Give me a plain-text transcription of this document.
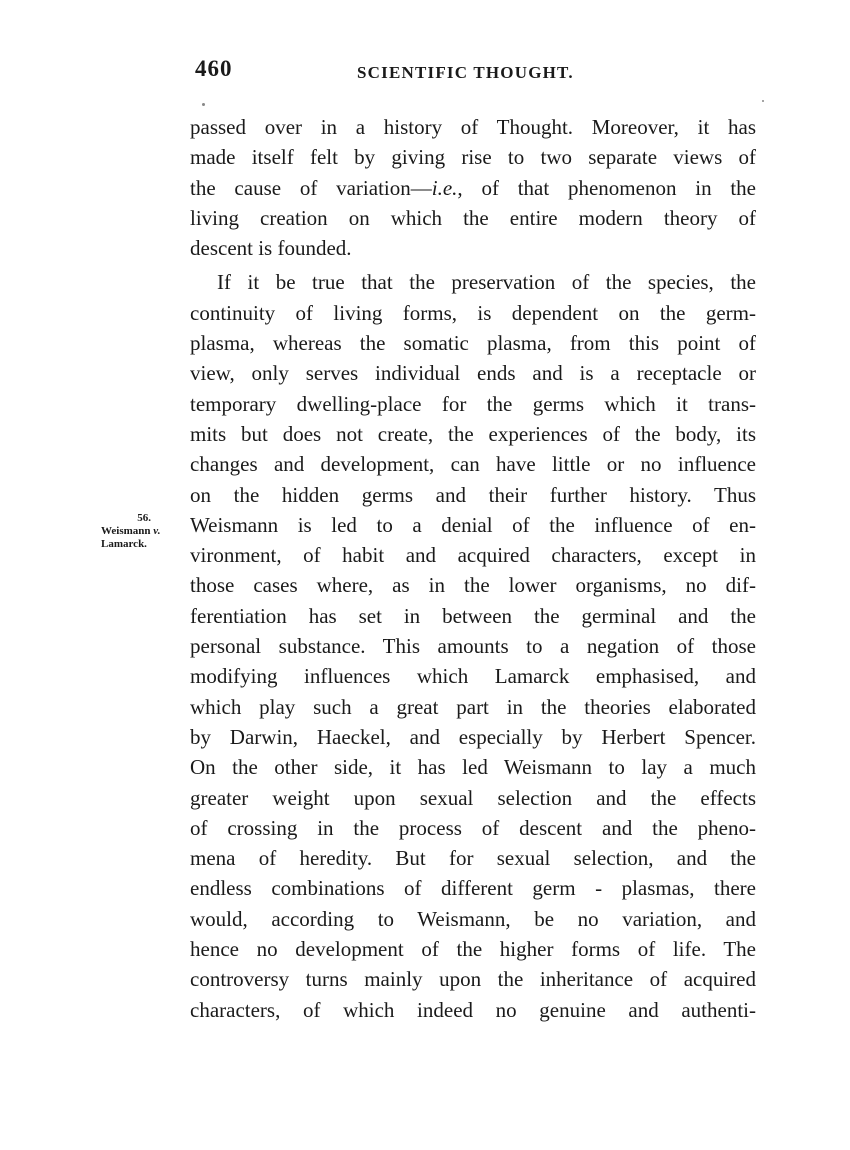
460	SCIENTIFIC THOUGHT.
56.
Weismann v.
Lamarck.
passed over in a history of Thought. Moreover, it has
made itself felt by giving rise to two separate views of
the cause of variation—i.e., of that phenomenon in the
living creation on which the entire modern theory of
descent is founded.
If it be true that the preservation of the species, the
continuity of living forms, is dependent on the germ-
plasma, whereas the somatic plasma, from this point of
view, only serves individual ends and is a receptacle or
temporary dwelling-place for the germs which it trans-
mits but does not create, the experiences of the body, its
changes and development, can have little or no influence
on the hidden germs and their further history. Thus
Weismann is led to a denial of the influence of en-
vironment, of habit and acquired characters, except in
those cases where, as in the lower organisms, no dif-
ferentiation has set in between the germinal and the
personal substance. This amounts to a negation of those
modifying influences which Lamarck emphasised, and
which play such a great part in the theories elaborated
by Darwin, Haeckel, and especially by Herbert Spencer.
On the other side, it has led Weismann to lay a much
greater weight upon sexual selection and the effects
of crossing in the process of descent and the pheno-
mena of heredity. But for sexual selection, and the
endless combinations of different germ - plasmas, there
would, according to Weismann, be no variation, and
hence no development of the higher forms of life. The
controversy turns mainly upon the inheritance of acquired
characters, of which indeed no genuine and authenti-
